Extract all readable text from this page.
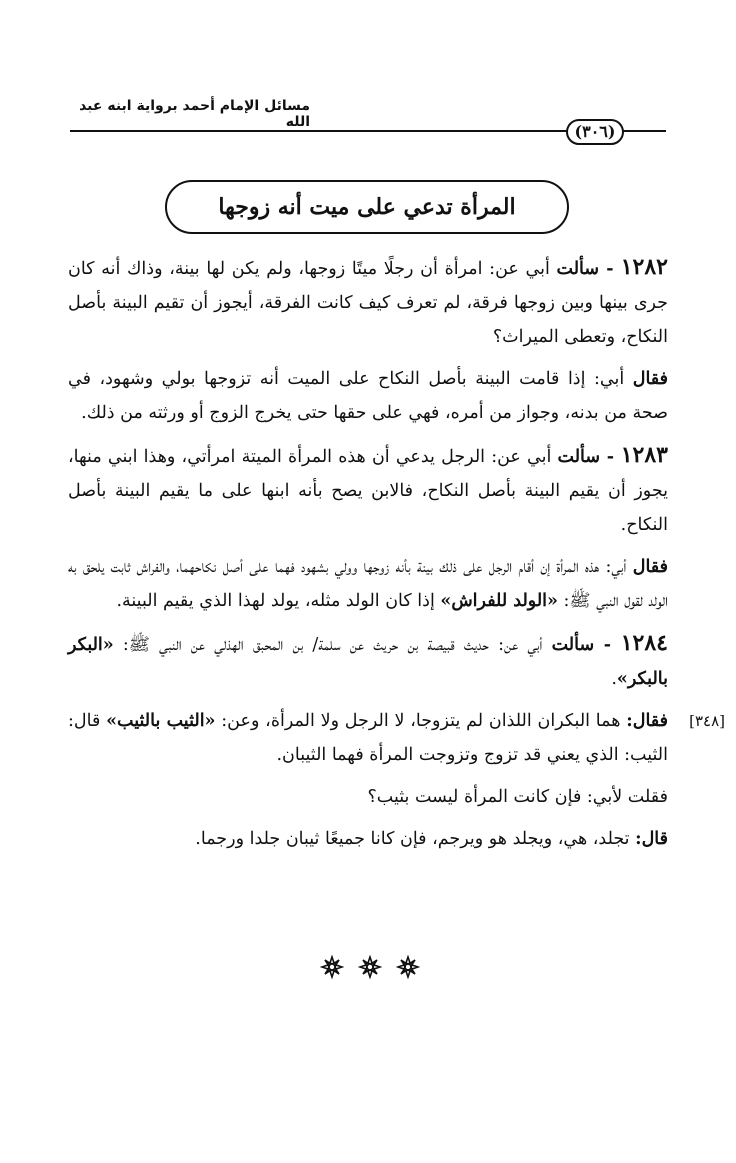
مسائل الإمام أحمد برواية ابنه عبد الله	(٣٠٦)
المرأة تدعي على ميت أنه زوجها
[٣٤٨]

١٢٨٢ - سألت أبي عن: امرأة أن رجلًا ميتًا زوجها، ولم يكن لها بينة، وذاك أنه كان جرى بينها وبين زوجها فرقة، لم تعرف كيف كانت الفرقة، أيجوز أن تقيم البينة بأصل النكاح، وتعطى الميراث؟

فقال أبي: إذا قامت البينة بأصل النكاح على الميت أنه تزوجها بولي وشهود، في صحة من بدنه، وجواز من أمره، فهي على حقها حتى يخرج الزوج أو ورثته من ذلك.

١٢٨٣ - سألت أبي عن: الرجل يدعي أن هذه المرأة الميتة امرأتي، وهذا ابني منها، يجوز أن يقيم البينة بأصل النكاح، فالابن يصح بأنه ابنها على ما يقيم البينة بأصل النكاح.

فقال أبي: هذه المرأة إن أقام الرجل على ذلك بينة بأنه زوجها وولي بشهود فهما على أصل نكاحهما، والفراش ثابت يلحق به الولد لقول النبي ﷺ: «الولد للفراش» إذا كان الولد مثله، يولد لهذا الذي يقيم البينة.

١٢٨٤ - سألت أبي عن: حديث قبيصة بن حريث عن سلمة/ بن المحبق الهذلي عن النبي ﷺ: «البكر بالبكر».

فقال: هما البكران اللذان لم يتزوجا، لا الرجل ولا المرأة، وعن: «الثيب بالثيب» قال: الثيب: الذي يعني قد تزوج وتزوجت المرأة فهما الثيبان.

فقلت لأبي: فإن كانت المرأة ليست بثيب؟

قال: تجلد، هي، ويجلد هو ويرجم، فإن كانا جميعًا ثيبان جلدا ورجما.
